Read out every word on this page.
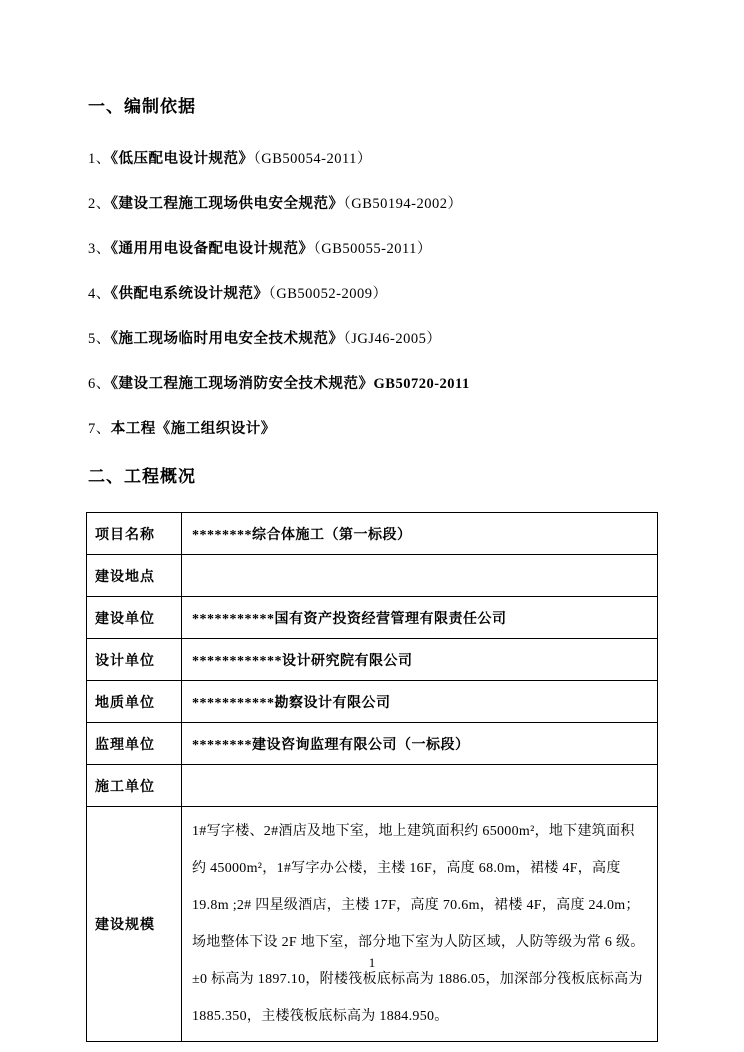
一、编制依据

1、《低压配电设计规范》（GB50054-2011）

2、《建设工程施工现场供电安全规范》（GB50194-2002）

3、《通用用电设备配电设计规范》（GB50055-2011）

4、《供配电系统设计规范》（GB50052-2009）

5、《施工现场临时用电安全技术规范》（JGJ46-2005）

6、《建设工程施工现场消防安全技术规范》GB50720-2011

7、本工程《施工组织设计》

二、工程概况
项目名称	********综合体施工（第一标段）
建设地点	
建设单位	***********国有资产投资经营管理有限责任公司
设计单位	************设计研究院有限公司
地质单位	***********勘察设计有限公司
监理单位	********建设咨询监理有限公司（一标段）
施工单位	
建设规模	1#写字楼、2#酒店及地下室，地上建筑面积约 65000m²，地下建筑面积约 45000m²，1#写字办公楼，主楼 16F，高度 68.0m，裙楼 4F，高度 19.8m ;2# 四星级酒店，主楼 17F，高度 70.6m，裙楼 4F，高度 24.0m；

场地整体下设 2F 地下室，部分地下室为人防区域，人防等级为常 6 级。±0 标高为 1897.10，附楼筏板底标高为 1886.05，加深部分筏板底标高为 1885.350，主楼筏板底标高为 1884.950。

1
